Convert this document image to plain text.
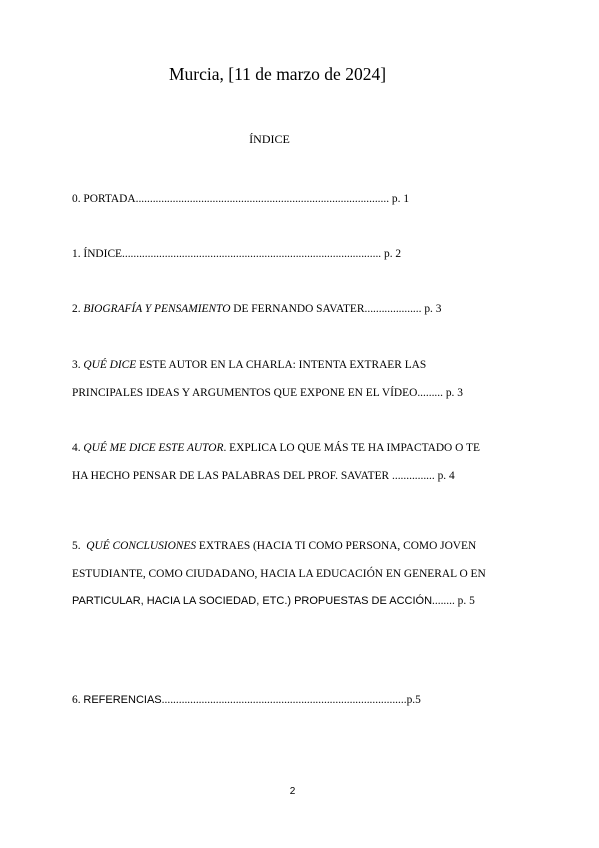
Murcia, [11 de marzo de 2024]
ÍNDICE
0. PORTADA......................................................................................... p. 1
1. ÍNDICE........................................................................................... p. 2
2. BIOGRAFÍA Y PENSAMIENTO DE FERNANDO SAVATER.................... p. 3
3. QUÉ DICE ESTE AUTOR EN LA CHARLA: INTENTA EXTRAER LAS
PRINCIPALES IDEAS Y ARGUMENTOS QUE EXPONE EN EL VÍDEO......... p. 3
4. QUÉ ME DICE ESTE AUTOR. EXPLICA LO QUE MÁS TE HA IMPACTADO O TE
HA HECHO PENSAR DE LAS PALABRAS DEL PROF. SAVATER ............... p. 4
5. QUÉ CONCLUSIONES EXTRAES (HACIA TI COMO PERSONA, COMO JOVEN
ESTUDIANTE, COMO CIUDADANO, HACIA LA EDUCACIÓN EN GENERAL O EN
PARTICULAR, HACIA LA SOCIEDAD, ETC.) PROPUESTAS DE ACCIÓN........ p. 5
6. REFERENCIAS......................................................................................p.5
2
